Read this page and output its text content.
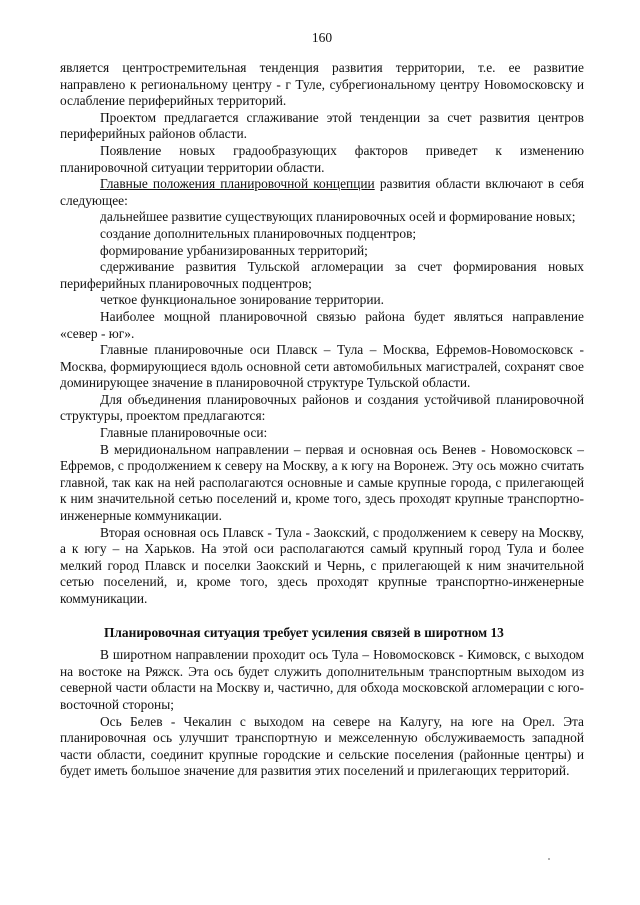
160

является центростремительная тенденция развития территории, т.е. ее развитие направлено к региональному центру - г Туле, субрегиональному центру Новомосковску и ослабление периферийных территорий.

Проектом предлагается сглаживание этой тенденции за счет развития центров периферийных районов области.

Появление новых градообразующих факторов приведет к изменению планировочной ситуации территории области.

Главные положения планировочной концепции развития области включают в себя следующее:

дальнейшее развитие существующих планировочных осей и формирование новых;

создание дополнительных планировочных подцентров;

формирование урбанизированных территорий;

сдерживание развития Тульской агломерации за счет формирования новых периферийных планировочных подцентров;

четкое функциональное зонирование территории.

Наиболее мощной планировочной связью района будет являться направление «север - юг».

Главные планировочные оси Плавск – Тула – Москва, Ефремов-Новомосковск - Москва, формирующиеся вдоль основной сети автомобильных магистралей, сохранят свое доминирующее значение в планировочной структуре Тульской области.

Для объединения планировочных районов и создания устойчивой планировочной структуры, проектом предлагаются:

Главные планировочные оси:

В меридиональном направлении – первая и основная ось Венев - Новомосковск – Ефремов, с продолжением к северу на Москву, а к югу на Воронеж. Эту ось можно считать главной, так как на ней располагаются основные и самые крупные города, с прилегающей к ним значительной сетью поселений и, кроме того, здесь проходят крупные транспортно-инженерные коммуникации.

Вторая основная ось Плавск - Тула - Заокский, с продолжением к северу на Москву, а к югу – на Харьков. На этой оси располагаются самый крупный город Тула и более мелкий город Плавск и поселки Заокский и Чернь, с прилегающей к ним значительной сетью поселений, и, кроме того, здесь проходят крупные транспортно-инженерные коммуникации.

Планировочная ситуация требует усиления связей в широтном 13

В широтном направлении проходит ось Тула – Новомосковск - Кимовск, с выходом на востоке на Ряжск. Эта ось будет служить дополнительным транспортным выходом из северной части области на Москву и, частично, для обхода московской агломерации с юго-восточной стороны;

Ось Белев - Чекалин с выходом на севере на Калугу, на юге на Орел. Эта планировочная ось улучшит транспортную и межселенную обслуживаемость западной части области, соединит крупные городские и сельские поселения (районные центры) и будет иметь большое значение для развития этих поселений и прилегающих территорий.
